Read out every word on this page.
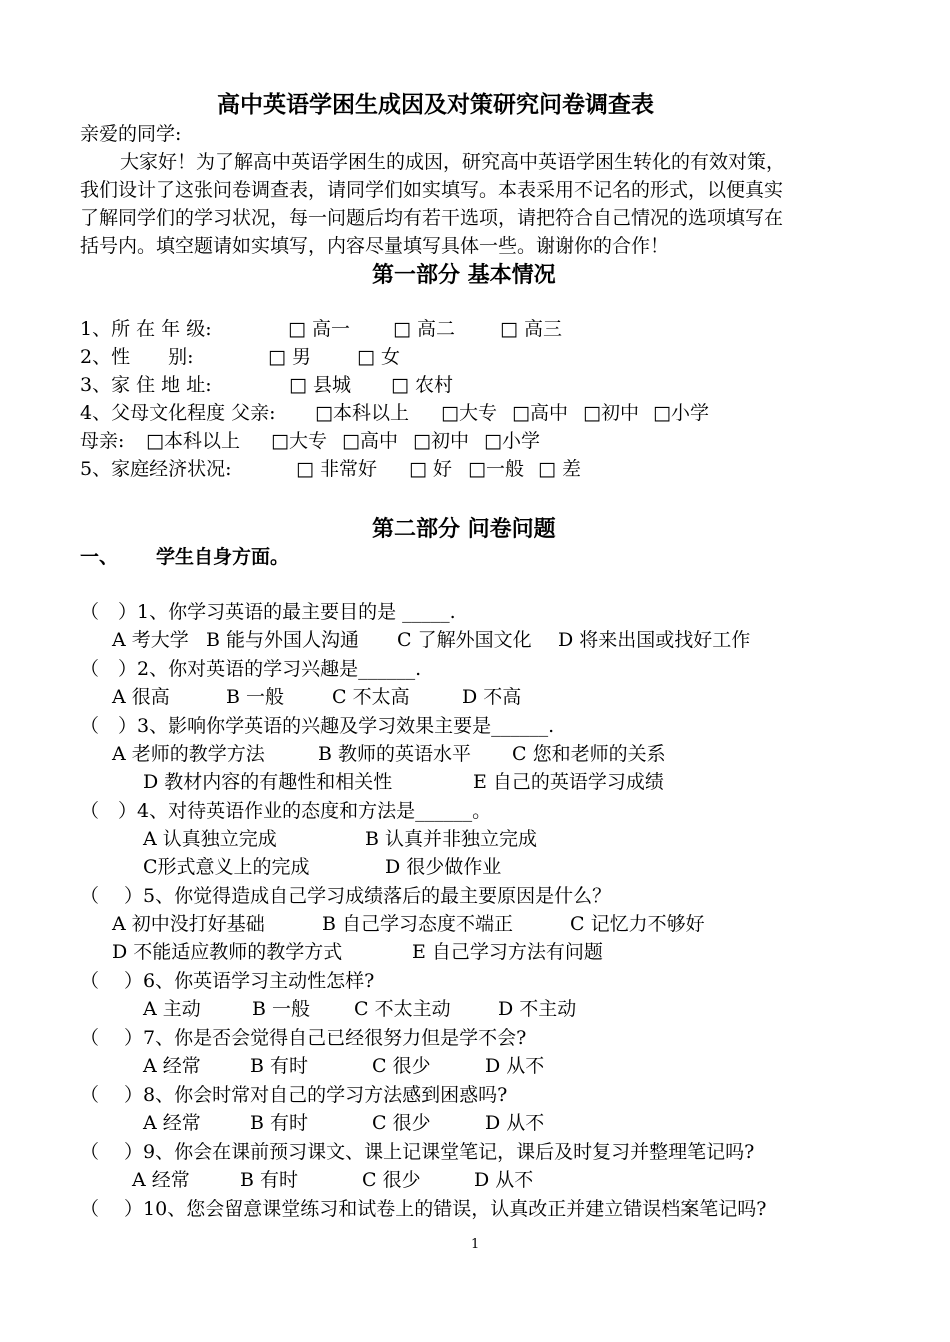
高中英语学困生成因及对策研究问卷调查表
亲爱的同学:
大家好！为了解高中英语学困生的成因，研究高中英语学困生转化的有效对策，
我们设计了这张问卷调查表，请同学们如实填写。本表采用不记名的形式，以便真实
了解同学们的学习状况，每一问题后均有若干选项，请把符合自己情况的选项填写在
括号内。填空题请如实填写，内容尽量填写具体一些。谢谢你的合作！
第一部分 基本情况
1、所 在 年 级:	□ 高一 □ 高二 □ 高三
2、性　　别:	□ 男 □ 女
3、家 住 地 址:	□ 县城 □ 农村
4、父母文化程度 父亲: □本科以上 □大专 □高中 □初中 □小学
母亲: □本科以上 □大专 □高中 □初中 □小学
5、家庭经济状况:	□ 非常好 □ 好 □一般 □ 差
第二部分 问卷问题
一、 学生自身方面。
（　）1、你学习英语的最主要目的是 _____.
A 考大学 B 能与外国人沟通 C 了解外国文化 D 将来出国或找好工作
（　）2、你对英语的学习兴趣是______.
A 很高	B 一般	C 不太高	D 不高
（　）3、影响你学英语的兴趣及学习效果主要是______.
A 老师的教学方法	B 教师的英语水平 C 您和老师的关系
D 教材内容的有趣性和相关性	E 自己的英语学习成绩
（　）4、对待英语作业的态度和方法是______。
A 认真独立完成	B 认真并非独立完成
C形式意义上的完成	D 很少做作业
（　 ）5、你觉得造成自己学习成绩落后的最主要原因是什么？
A 初中没打好基础	B 自己学习态度不端正	C 记忆力不够好
D 不能适应教师的教学方式	E 自己学习方法有问题
（　 ）6、你英语学习主动性怎样?
A 主动	B 一般 C 不太主动 D 不主动
（　 ）7、你是否会觉得自己已经很努力但是学不会?
A 经常	B 有时	C 很少	D 从不
（　 ）8、你会时常对自己的学习方法感到困惑吗?
A 经常	B 有时	C 很少	D 从不
（　 ）9、你会在课前预习课文、课上记课堂笔记，课后及时复习并整理笔记吗?
A 经常	B 有时	C 很少	D 从不
（　 ）10、您会留意课堂练习和试卷上的错误，认真改正并建立错误档案笔记吗?
1
